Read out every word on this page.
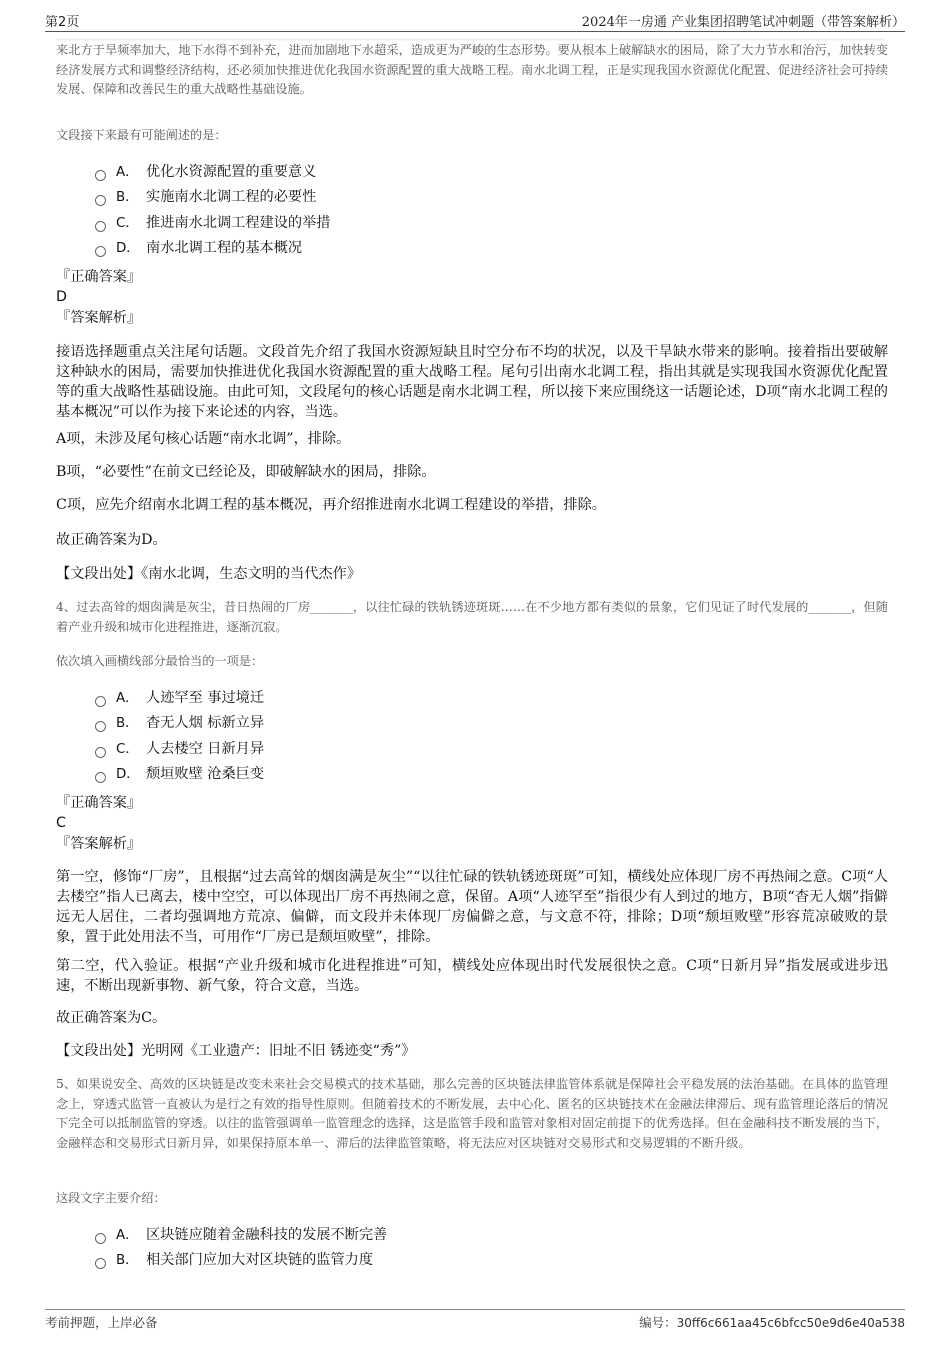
第2页	2024年一房通 产业集团招聘笔试冲刺题（带答案解析）
来北方于旱频率加大，地下水得不到补充，进而加剧地下水超采，造成更为严峻的生态形势。要从根本上破解缺水的困局，除了大力节水和治污，加快转变经济发展方式和调整经济结构，还必须加快推进优化我国水资源配置的重大战略工程。南水北调工程，正是实现我国水资源优化配置、促进经济社会可持续发展、保障和改善民生的重大战略性基础设施。
文段接下来最有可能阐述的是：
A． 优化水资源配置的重要意义
B． 实施南水北调工程的必要性
C． 推进南水北调工程建设的举措
D． 南水北调工程的基本概况
『正确答案』
D
『答案解析』
接语选择题重点关注尾句话题。文段首先介绍了我国水资源短缺且时空分布不均的状况，以及干旱缺水带来的影响。接着指出要破解这种缺水的困局，需要加快推进优化我国水资源配置的重大战略工程。尾句引出南水北调工程，指出其就是实现我国水资源优化配置等的重大战略性基础设施。由此可知，文段尾句的核心话题是南水北调工程，所以接下来应围绕这一话题论述，D项“南水北调工程的基本概况”可以作为接下来论述的内容，当选。
A项，未涉及尾句核心话题“南水北调”，排除。
B项，“必要性”在前文已经论及，即破解缺水的困局，排除。
C项，应先介绍南水北调工程的基本概况，再介绍推进南水北调工程建设的举措，排除。
故正确答案为D。
【文段出处】《南水北调，生态文明的当代杰作》
4、过去高耸的烟囱满是灰尘，昔日热闹的厂房_______，以往忙碌的铁轨锈迹斑斑……在不少地方都有类似的景象，它们见证了时代发展的_______，但随着产业升级和城市化进程推进，逐渐沉寂。
依次填入画横线部分最恰当的一项是：
A． 人迹罕至 事过境迁
B． 杳无人烟 标新立异
C． 人去楼空 日新月异
D． 颓垣败壁 沧桑巨变
『正确答案』
C
『答案解析』
第一空，修饰“厂房”，且根据“过去高耸的烟囱满是灰尘”“以往忙碌的铁轨锈迹斑斑”可知，横线处应体现厂房不再热闹之意。C项“人去楼空”指人已离去，楼中空空，可以体现出厂房不再热闹之意，保留。A项“人迹罕至”指很少有人到过的地方，B项“杳无人烟”指僻远无人居住，二者均强调地方荒凉、偏僻，而文段并未体现厂房偏僻之意，与文意不符，排除；D项“颓垣败壁”形容荒凉破败的景象，置于此处用法不当，可用作“厂房已是颓垣败壁”，排除。
第二空，代入验证。根据“产业升级和城市化进程推进”可知，横线处应体现出时代发展很快之意。C项“日新月异”指发展或进步迅速，不断出现新事物、新气象，符合文意，当选。
故正确答案为C。
【文段出处】光明网《工业遗产：旧址不旧 锈迹变“秀”》
5、如果说安全、高效的区块链是改变未来社会交易模式的技术基础，那么完善的区块链法律监管体系就是保障社会平稳发展的法治基础。在具体的监管理念上，穿透式监管一直被认为是行之有效的指导性原则。但随着技术的不断发展，去中心化、匿名的区块链技术在金融法律滞后、现有监管理论落后的情况下完全可以抵制监管的穿透。以往的监管强调单一监管理念的选择，这是监管手段和监管对象相对固定前提下的优秀选择。但在金融科技不断发展的当下，金融样态和交易形式日新月异，如果保持原本单一、滞后的法律监管策略，将无法应对区块链对交易形式和交易逻辑的不断升级。
这段文字主要介绍：
A． 区块链应随着金融科技的发展不断完善
B． 相关部门应加大对区块链的监管力度
考前押题，上岸必备	编号：30ff6c661aa45c6bfcc50e9d6e40a538
